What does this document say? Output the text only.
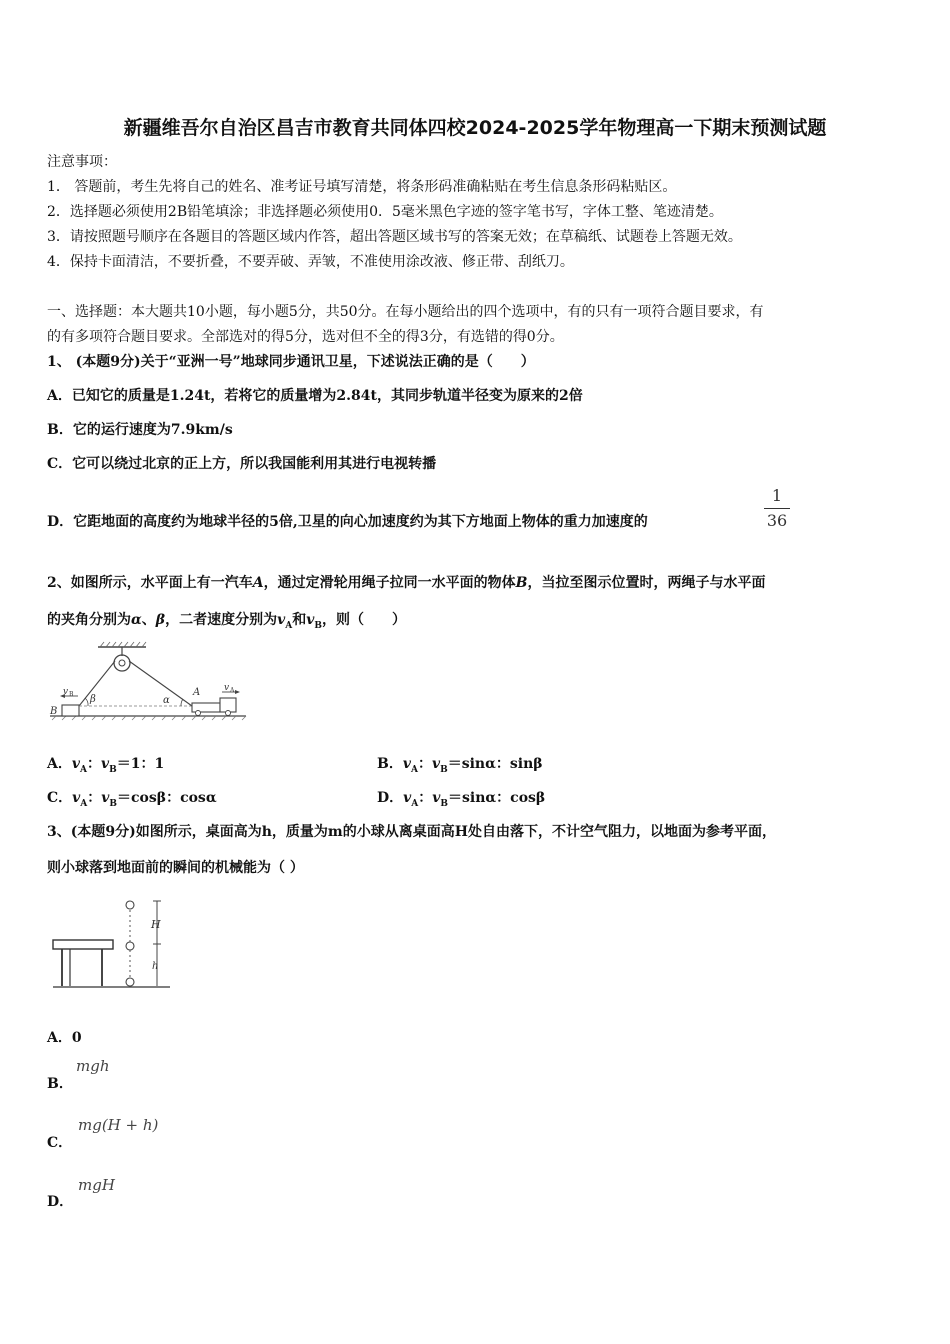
新疆维吾尔自治区昌吉市教育共同体四校2024-2025学年物理高一下期末预测试题
注意事项：
1． 答题前，考生先将自己的姓名、准考证号填写清楚，将条形码准确粘贴在考生信息条形码粘贴区。
2．选择题必须使用2B铅笔填涂；非选择题必须使用0．5毫米黑色字迹的签字笔书写，字体工整、笔迹清楚。
3．请按照题号顺序在各题目的答题区域内作答，超出答题区域书写的答案无效；在草稿纸、试题卷上答题无效。
4．保持卡面清洁，不要折叠，不要弄破、弄皱，不准使用涂改液、修正带、刮纸刀。
一、选择题：本大题共10小题，每小题5分，共50分。在每小题给出的四个选项中，有的只有一项符合题目要求，有
的有多项符合题目要求。全部选对的得5分，选对但不全的得3分，有选错的得0分。
1、 (本题9分)关于“亚洲一号”地球同步通讯卫星，下述说法正确的是（　　）
A．已知它的质量是1.24t，若将它的质量增为2.84t，其同步轨道半径变为原来的2倍
B．它的运行速度为7.9km/s
C．它可以绕过北京的正上方，所以我国能利用其进行电视转播
D．它距地面的高度约为地球半径的5倍,卫星的向心加速度约为其下方地面上物体的重力加速度的
1
36
2、如图所示，水平面上有一汽车A，通过定滑轮用绳子拉同一水平面的物体B，当拉至图示位置时，两绳子与水平面
的夹角分别为α、β，二者速度分别为$v_A$和$v_B$，则（　　）
v B
B
β	α
A	v A
A．$v_A$：$v_B=1$：1	B．$v_A$：$v_B=\sin\alpha$：sinβ
C．$v_A$：$v_B=\cos\beta$：cosα	D．$v_A$：$v_B=\sin\alpha$：cosβ
3、(本题9分)如图所示，桌面高为h，质量为m的小球从离桌面高H处自由落下，不计空气阻力，以地面为参考平面，
则小球落到地面前的瞬间的机械能为（ ）
H
h
A．0
mgh
B．
mg(H + h)
C．
mgH
D．
